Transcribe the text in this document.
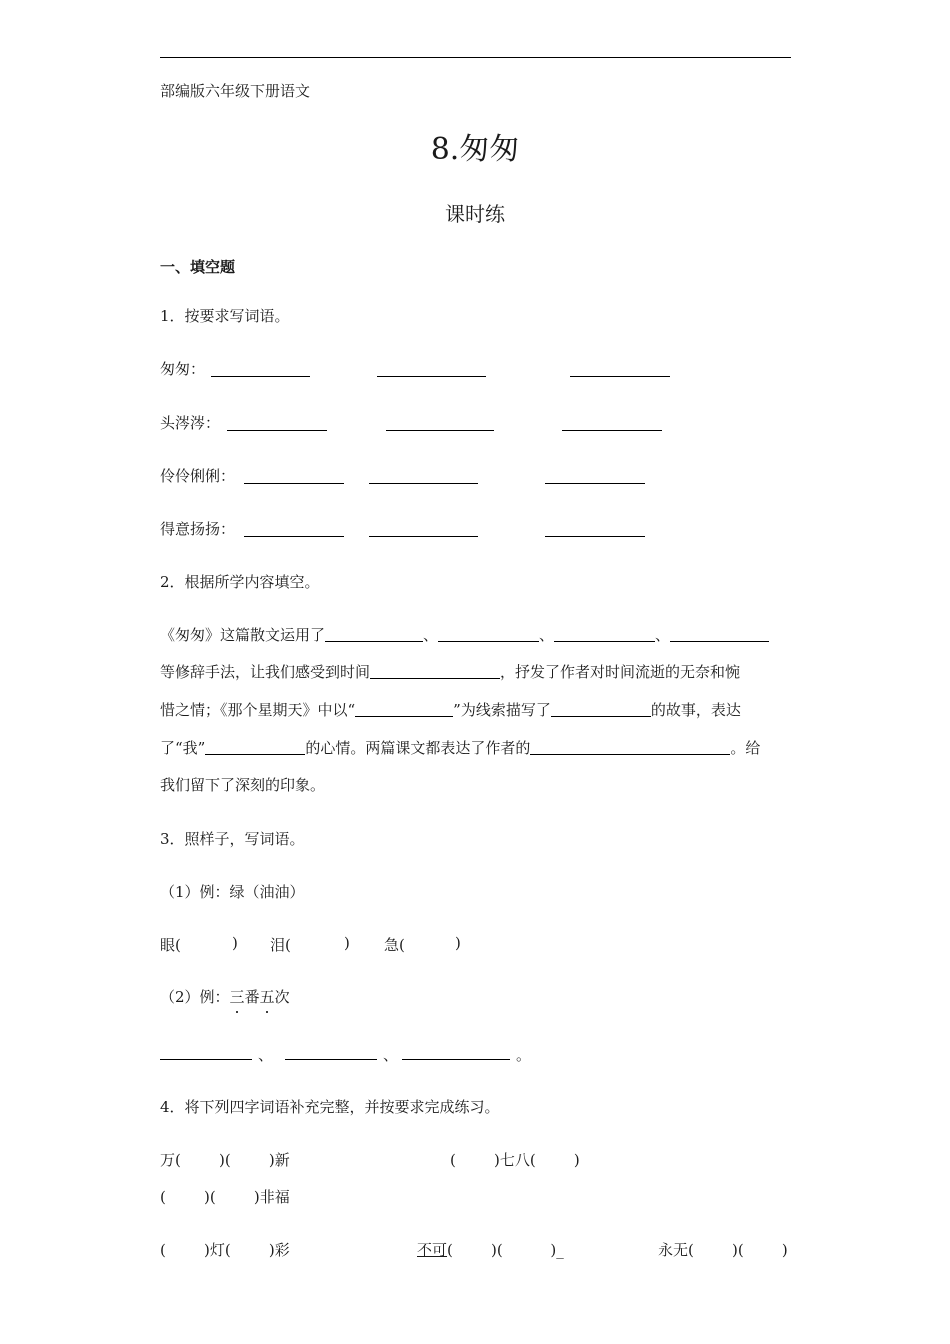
部编版六年级下册语文
8.匆匆
课时练
一、填空题
1．按要求写词语。
匆匆：
头涔涔：
伶伶俐俐：
得意扬扬：
2．根据所学内容填空。
《匆匆》这篇散文运用了	、	、	、
等修辞手法，让我们感受到时间	，抒发了作者对时间流逝的无奈和惋
惜之情；《那个星期天》中以“	”为线索描写了	的故事，表达
了“我”	的心情。两篇课文都表达了作者的	。给
我们留下了深刻的印象。
3．照样子，写词语。
（1）例：绿（油油）
眼(	) 泪(	) 急(	)
（2）例：三番五次
、	、	。
4．将下列四字词语补充完整，并按要求完成练习。
万(        )(        )新	(        )七八(        )
(        )(        )非福
(        )灯(        )彩	不可(        )(          )_	永无(        )(        )
